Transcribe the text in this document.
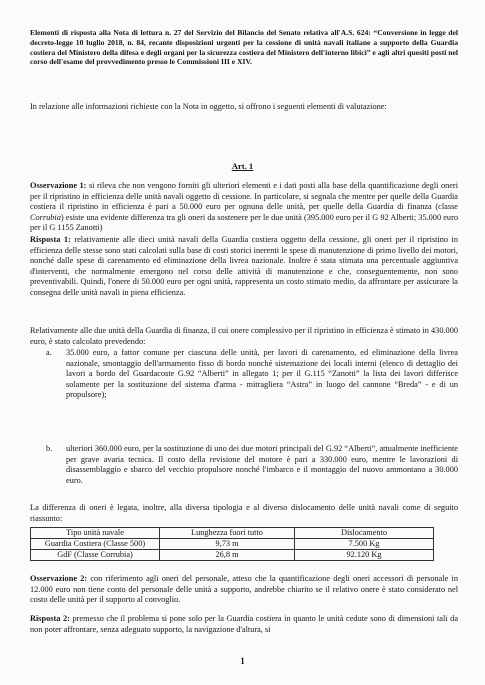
Elementi di risposta alla Nota di lettura n. 27 del Servizio del Bilancio del Senato relativa all'A.S. 624: “Conversione in legge del decreto-legge 10 luglio 2018, n. 84, recante disposizioni urgenti per la cessione di unità navali italiane a supporto della Guardia costiera del Ministero della difesa e degli organi per la sicurezza costiera del Ministero dell'interno libici” e agli altri quesiti posti nel corso dell'esame del provvedimento presso le Commissioni III e XIV.

In relazione alle informazioni richieste con la Nota in oggetto, si offrono i seguenti elementi di valutazione:

Art. 1

Osservazione 1: si rileva che non vengono forniti gli ulteriori elementi e i dati posti alla base della quantificazione degli oneri per il ripristino in efficienza delle unità navali oggetto di cessione. In particolare, si segnala che mentre per quelle della Guardia costiera il ripristino in efficienza è pari a 50.000 euro per ognuna delle unità, per quelle della Guardia di finanza (classe Corrubia) esiste una evidente differenza tra gli oneri da sostenere per le due unità (395.000 euro per il G 92 Alberti; 35.000 euro per il G 1155 Zanotti)

Risposta 1: relativamente alle dieci unità navali della Guardia costiera oggetto della cessione, gli oneri per il ripristino in efficienza delle stesse sono stati calcolati sulla base di costi storici inerenti le spese di manutenzione di primo livello dei motori, nonché dalle spese di carenamento ed eliminazione della livrea nazionale. Inoltre è stata stimata una percentuale aggiuntiva d'interventi, che normalmente emergono nel corso delle attività di manutenzione e che, conseguentemente, non sono preventivabili. Quindi, l'onere di 50.000 euro per ogni unità, rappresenta un costo stimato medio, da affrontare per assicurare la consegna delle unità navali in piena efficienza.

Relativamente alle due unità della Guardia di finanza, il cui onere complessivo per il ripristino in efficienza è stimato in 430.000 euro, è stato calcolato prevedendo:

a. 35.000 euro, a fattor comune per ciascuna delle unità, per lavori di carenamento, ed eliminazione della livrea nazionale, smontaggio dell'armamento fisso di bordo nonché sistemazione dei locali interni (elenco di dettaglio dei lavori a bordo del Guardacoste G.92 “Alberti” in allegato 1; per il G.115 “Zanotti” la lista dei lavori differisce solamente per la sostituzione del sistema d'arma - mitragliera “Astra” in luogo del cannone “Breda” - e di un propulsore);

b. ulteriori 360.000 euro, per la sostituzione di uno dei due motori principali del G.92 “Alberti”, attualmente inefficiente per grave avaria tecnica. Il costo della revisione del motore è pari a 330.000 euro, mentre le lavorazioni di disassemblaggio e sbarco del vecchio propulsore nonché l'imbarco e il montaggio del nuovo ammontano a 30.000 euro.

La differenza di oneri è legata, inoltre, alla diversa tipologia e al diverso dislocamento delle unità navali come di seguito riassunto:

Tipo unità navale	Lunghezza fuori tutto	Dislocamento
Guardia Costiera (Classe 500)	9,73 m	7.500 Kg
GdF (Classe Corrubia)	26,8 m	92.120 Kg

Osservazione 2: con riferimento agli oneri del personale, atteso che la quantificazione degli oneri accessori di personale in 12.000 euro non tiene conto del personale delle unità a supporto, andrebbe chiarito se il relativo onere è stato considerato nel costo delle unità per il supporto al convoglio.

Risposta 2: premesso che il problema si pone solo per la Guardia costiera in quanto le unità cedute sono di dimensioni tali da non poter affrontare, senza adeguato supporto, la navigazione d'altura, si

1
